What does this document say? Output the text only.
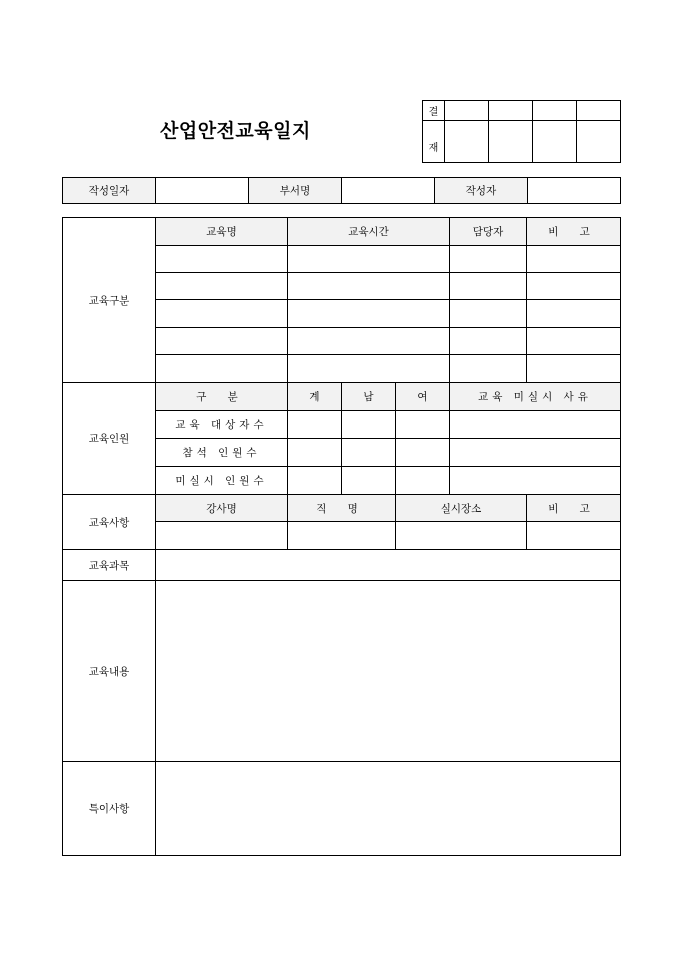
산업안전교육일지
결				
재				
작성일자		부서명		작성자	
교육구분	교육명	교육시간			담당자	비 고

교육인원	구 분	계	남	여	교육 미실시 사유	
	교육 대상자수					
	참석 인원수					
	미실시 인원수					
교육사항	강사명	직 명		실시장소		비 고

교육과목						
교육내용						
특이사항						
